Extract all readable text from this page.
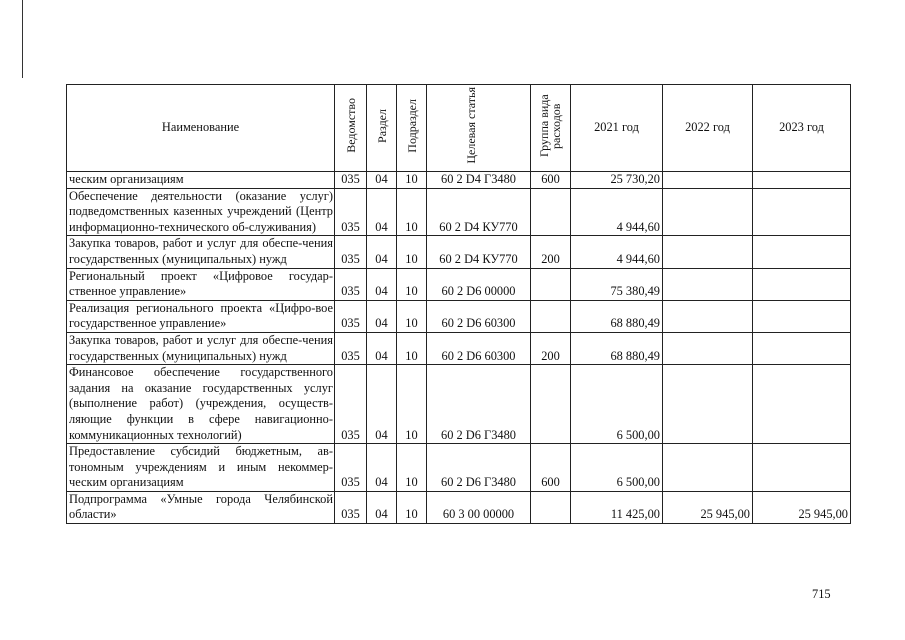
Наименование	Ведомство	Раздел	Подраздел	Целевая статья	Группа вида расходов	2021 год	2022 год	2023 год
ческим организациям	035	04	10	60 2 D4 Г3480	600	25 730,20		
Обеспечение деятельности (оказание услуг) подведомственных казенных учреждений (Центр информационно-технического об-служивания)	035	04	10	60 2 D4 КУ770		4 944,60		
Закупка товаров, работ и услуг для обеспе-чения государственных (муниципальных) нужд	035	04	10	60 2 D4 КУ770	200	4 944,60		
Региональный проект «Цифровое государ-ственное управление»	035	04	10	60 2 D6 00000		75 380,49		
Реализация регионального проекта «Цифро-вое государственное управление»	035	04	10	60 2 D6 60300		68 880,49		
Закупка товаров, работ и услуг для обеспе-чения государственных (муниципальных) нужд	035	04	10	60 2 D6 60300	200	68 880,49		
Финансовое обеспечение государственного задания на оказание государственных услуг (выполнение работ) (учреждения, осуществ-ляющие функции в сфере навигационно-коммуникационных технологий)	035	04	10	60 2 D6 Г3480		6 500,00		
Предоставление субсидий бюджетным, ав-тономным учреждениям и иным некоммер-ческим организациям	035	04	10	60 2 D6 Г3480	600	6 500,00		
Подпрограмма «Умные города Челябинской области»	035	04	10	60 3 00 00000		11 425,00	25 945,00	25 945,00
715
